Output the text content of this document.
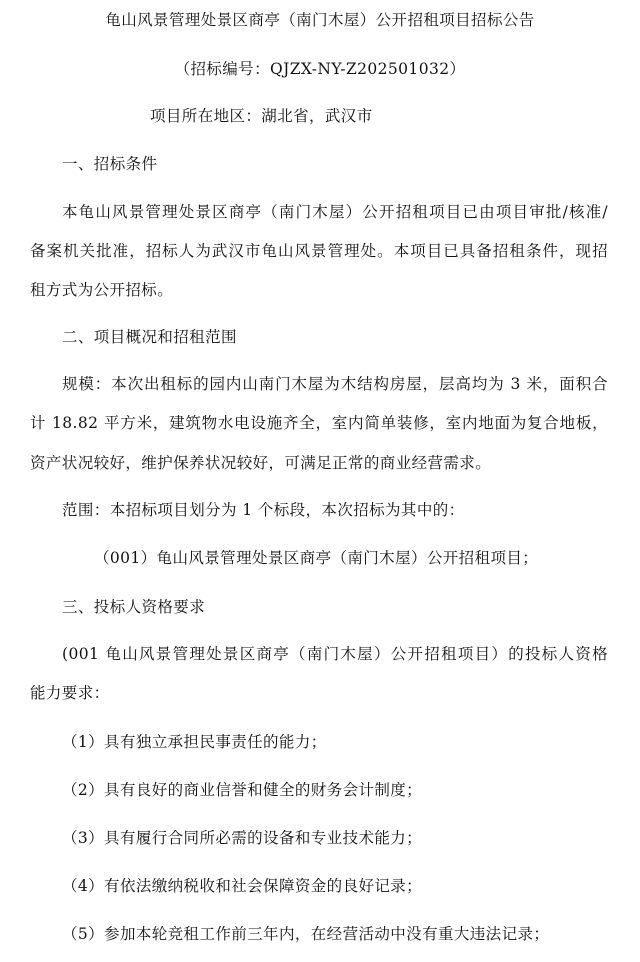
龟山风景管理处景区商亭（南门木屋）公开招租项目招标公告

（招标编号：QJZX-NY-Z202501032）

项目所在地区：湖北省，武汉市

一、招标条件

本龟山风景管理处景区商亭（南门木屋）公开招租项目已由项目审批/核准/

备案机关批准，招标人为武汉市龟山风景管理处。本项目已具备招租条件，现招

租方式为公开招标。

二、项目概况和招租范围

规模：本次出租标的园内山南门木屋为木结构房屋，层高均为 3 米，面积合

计 18.82 平方米，建筑物水电设施齐全，室内简单装修，室内地面为复合地板，

资产状况较好，维护保养状况较好，可满足正常的商业经营需求。

范围：本招标项目划分为 1 个标段，本次招标为其中的：

（001）龟山风景管理处景区商亭（南门木屋）公开招租项目；

三、投标人资格要求

(001 龟山风景管理处景区商亭（南门木屋）公开招租项目）的投标人资格

能力要求：

（1）具有独立承担民事责任的能力；

（2）具有良好的商业信誉和健全的财务会计制度；

（3）具有履行合同所必需的设备和专业技术能力；

（4）有依法缴纳税收和社会保障资金的良好记录；

（5）参加本轮竞租工作前三年内，在经营活动中没有重大违法记录；
